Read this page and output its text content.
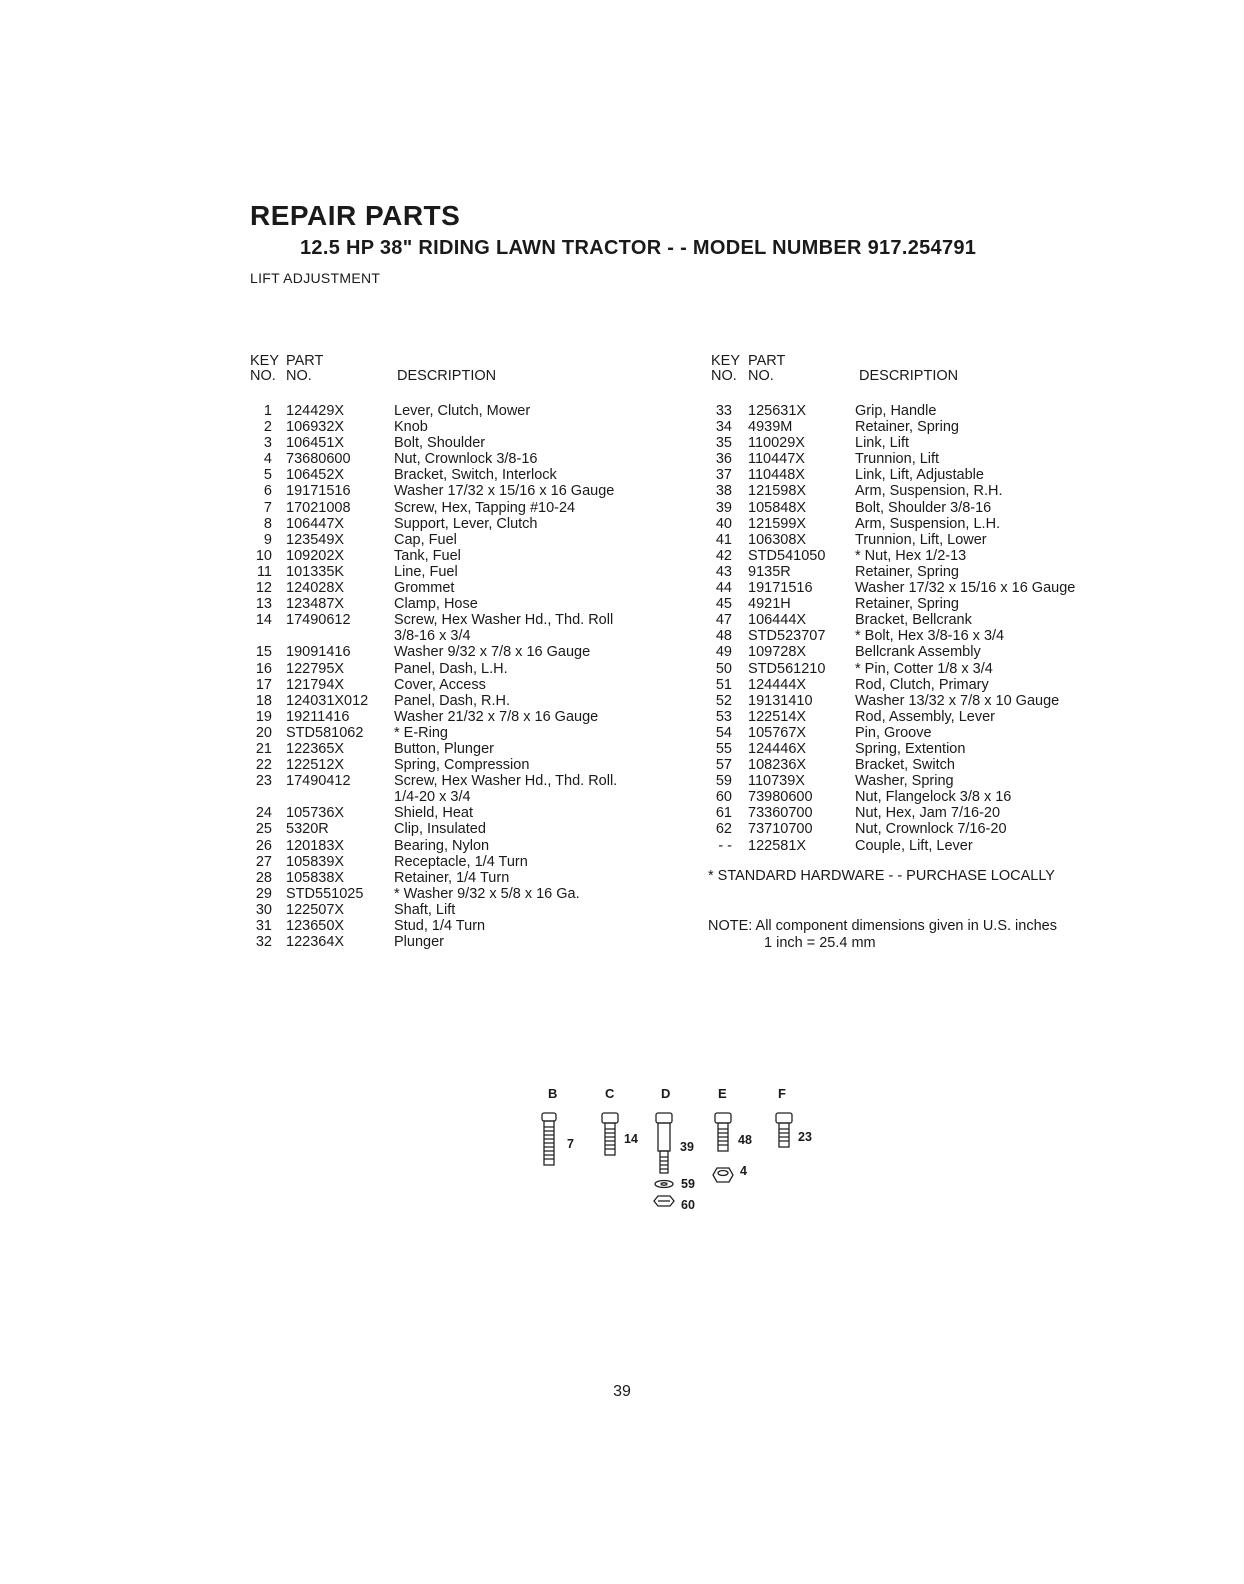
REPAIR PARTS
12.5 HP 38" RIDING LAWN TRACTOR - - MODEL NUMBER 917.254791
LIFT ADJUSTMENT
KEY PART
NO. NO.	DESCRIPTION
KEY PART
NO. NO.	DESCRIPTION
1 124429X	Lever, Clutch, Mower
2 106932X	Knob
3 106451X	Bolt, Shoulder
4 73680600	Nut, Crownlock 3/8-16
5 106452X	Bracket, Switch, Interlock
6 19171516	Washer 17/32 x 15/16 x 16 Gauge
7 17021008	Screw, Hex, Tapping #10-24
8 106447X	Support, Lever, Clutch
9 123549X	Cap, Fuel
10 109202X	Tank, Fuel
11 101335K	Line, Fuel
12 124028X	Grommet
13 123487X	Clamp, Hose
14 17490612	Screw, Hex Washer Hd., Thd. Roll
3/8-16 x 3/4
15 19091416	Washer 9/32 x 7/8 x 16 Gauge
16 122795X	Panel, Dash, L.H.
17 121794X	Cover, Access
18 124031X012 Panel, Dash, R.H.
19 19211416	Washer 21/32 x 7/8 x 16 Gauge
20 STD581062 * E-Ring
21 122365X	Button, Plunger
22 122512X	Spring, Compression
23 17490412	Screw, Hex Washer Hd., Thd. Roll.
1/4-20 x 3/4
24 105736X	Shield, Heat
25 5320R	Clip, Insulated
26 120183X	Bearing, Nylon
27 105839X	Receptacle, 1/4 Turn
28 105838X	Retainer, 1/4 Turn
29 STD551025 * Washer 9/32 x 5/8 x 16 Ga.
30 122507X	Shaft, Lift
31 123650X	Stud, 1/4 Turn
32 122364X	Plunger
33 125631X	Grip, Handle
34 4939M	Retainer, Spring
35 110029X	Link, Lift
36 110447X	Trunnion, Lift
37 110448X	Link, Lift, Adjustable
38 121598X	Arm, Suspension, R.H.
39 105848X	Bolt, Shoulder 3/8-16
40 121599X	Arm, Suspension, L.H.
41 106308X	Trunnion, Lift, Lower
42 STD541050 * Nut, Hex 1/2-13
43 9135R	Retainer, Spring
44 19171516	Washer 17/32 x 15/16 x 16 Gauge
45 4921H	Retainer, Spring
47 106444X	Bracket, Bellcrank
48 STD523707 * Bolt, Hex 3/8-16 x 3/4
49 109728X	Bellcrank Assembly
50 STD561210 * Pin, Cotter 1/8 x 3/4
51 124444X	Rod, Clutch, Primary
52 19131410	Washer 13/32 x 7/8 x 10 Gauge
53 122514X	Rod, Assembly, Lever
54 105767X	Pin, Groove
55 124446X	Spring, Extention
57 108236X	Bracket, Switch
59 110739X	Washer, Spring
60 73980600	Nut, Flangelock 3/8 x 16
61 73360700	Nut, Hex, Jam 7/16-20
62 73710700	Nut, Crownlock 7/16-20
- - 122581X	Couple, Lift, Lever
* STANDARD HARDWARE - - PURCHASE LOCALLY
NOTE: All component dimensions given in U.S. inches
1 inch = 25.4 mm
B	C	D	E	F
7	14
39
59
60
48
4
23
39
